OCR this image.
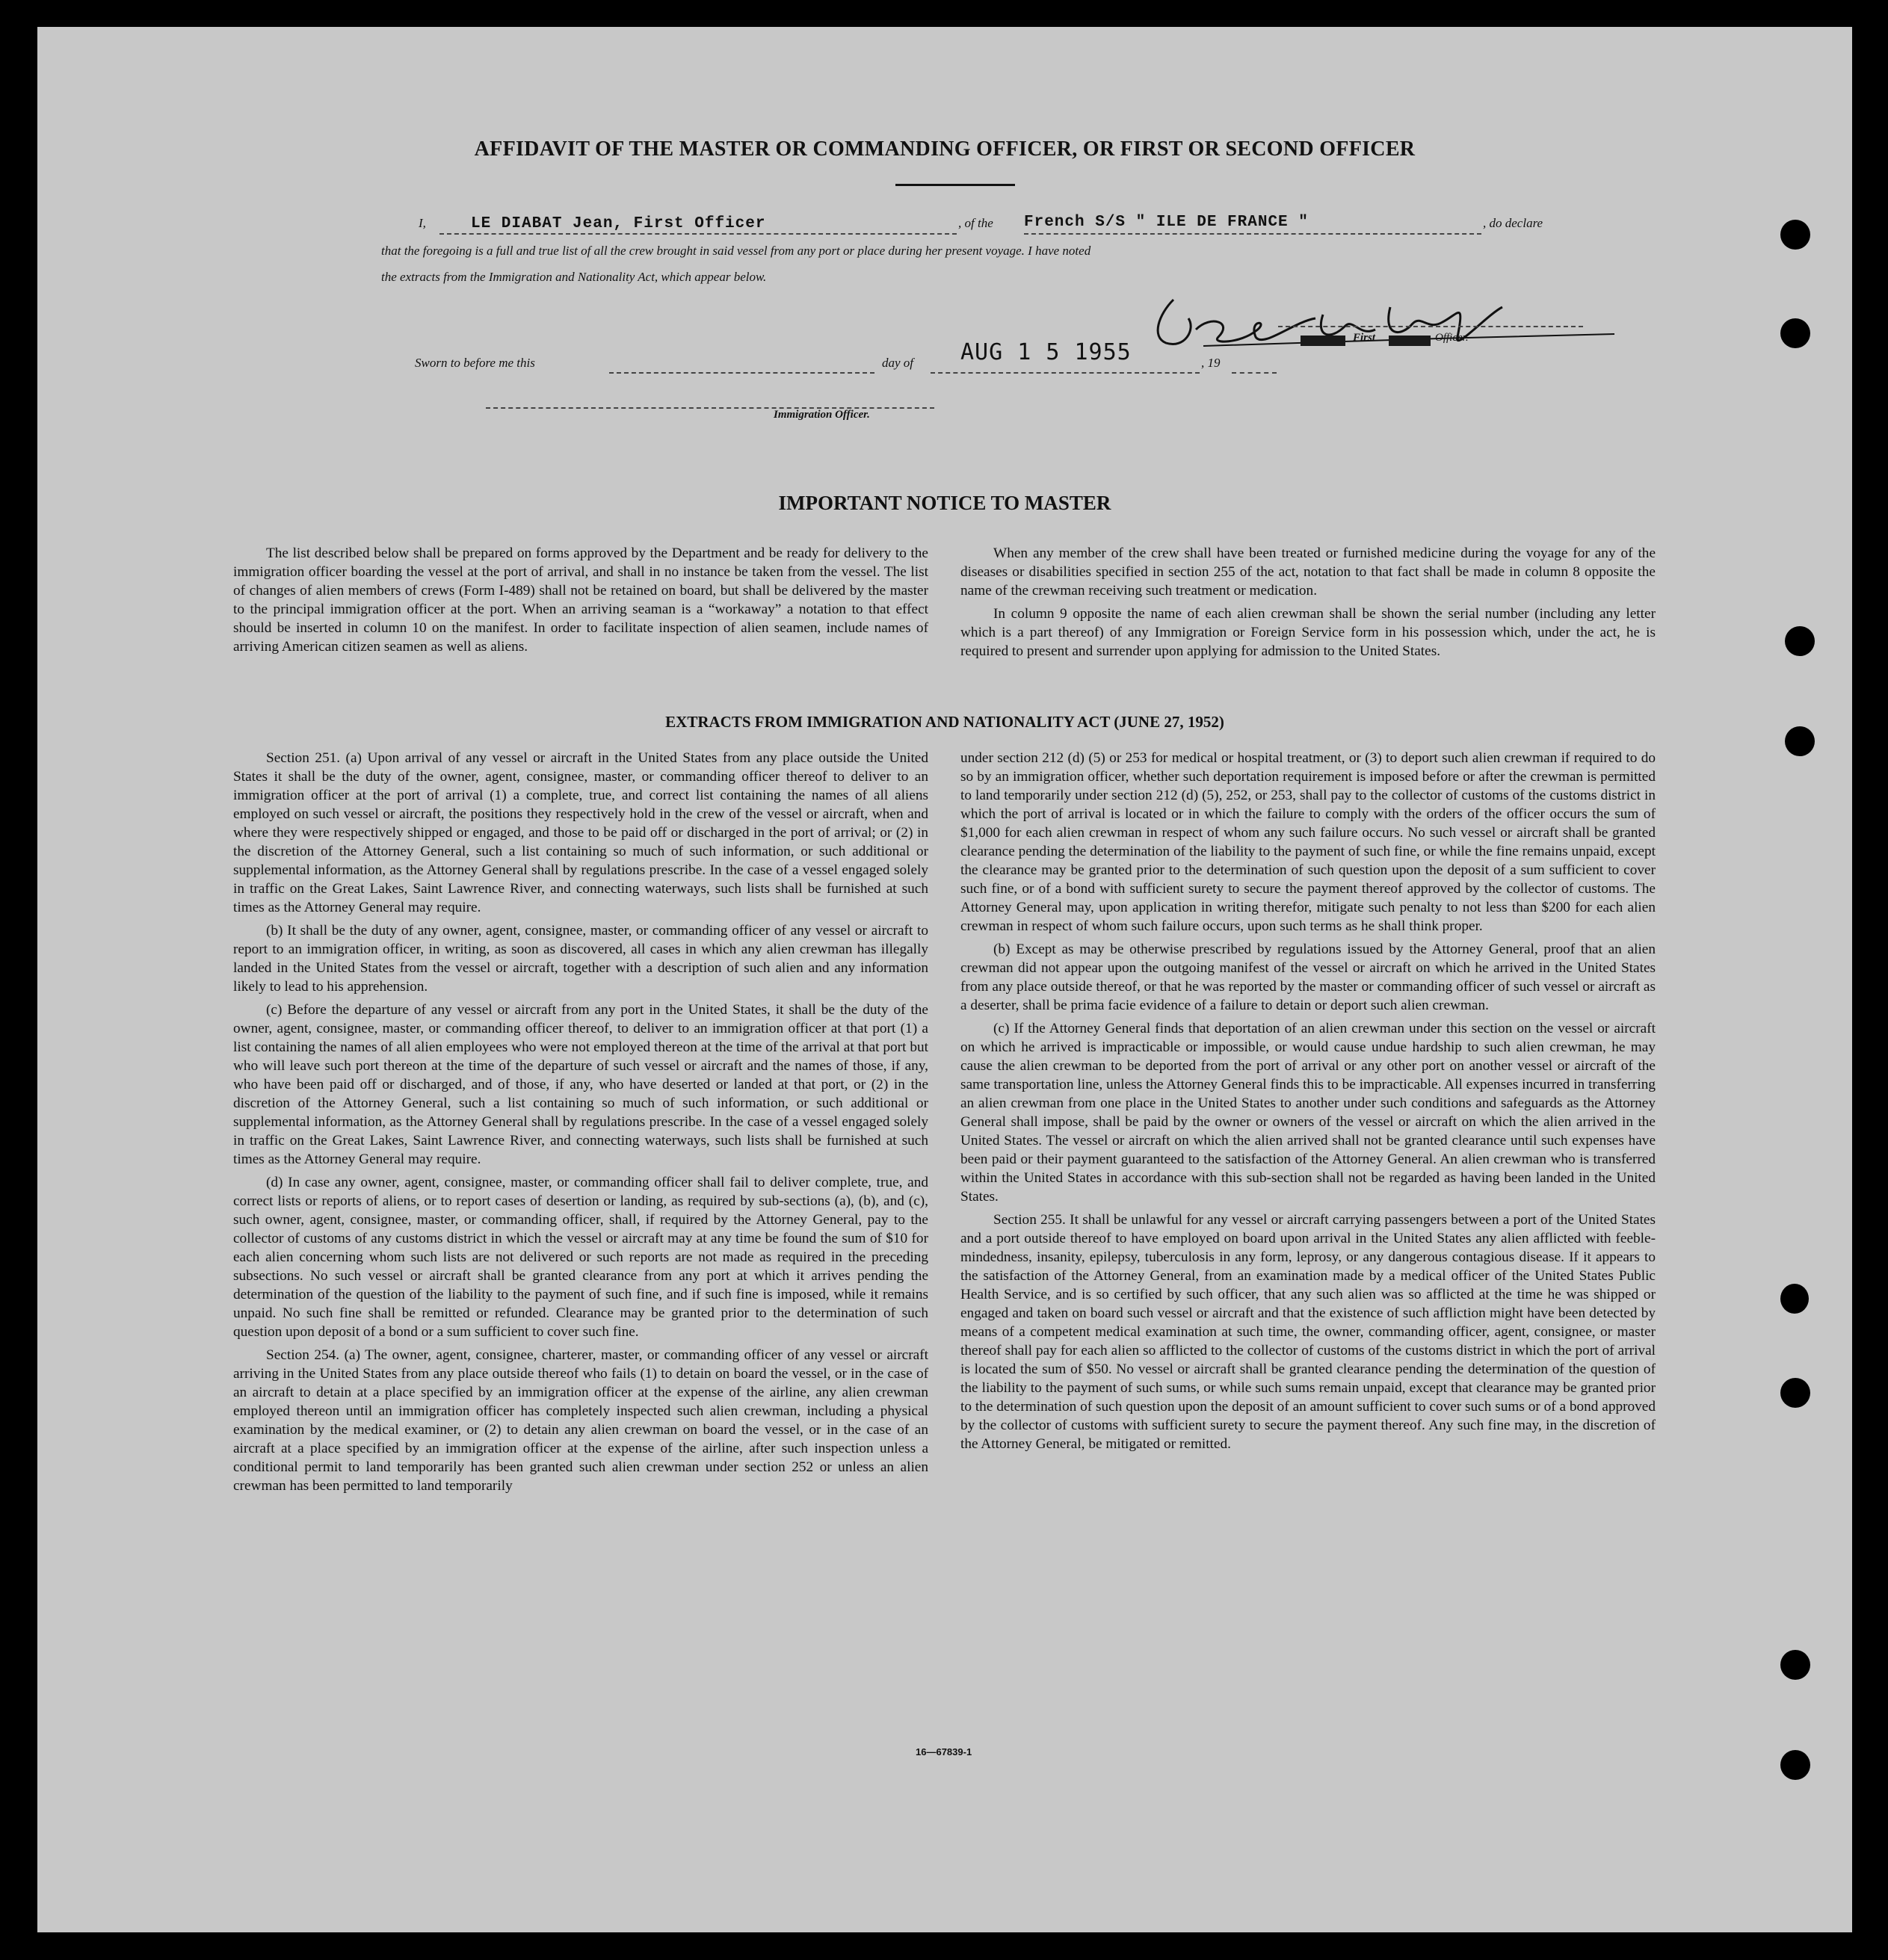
AFFIDAVIT OF THE MASTER OR COMMANDING OFFICER, OR FIRST OR SECOND OFFICER
I,	LE DIABAT Jean, First Officer	, of the French S/S " ILE DE FRANCE "	, do declare
that the foregoing is a full and true list of all the crew brought in said vessel from any port or place during her present voyage. I have noted
the extracts from the Immigration and Nationality Act, which appear below.
First	Officer.
Sworn to before me this	day of AUG 1 5 1955	, 19
Immigration Officer.
IMPORTANT NOTICE TO MASTER

The list described below shall be prepared on forms approved by the Department and be ready for delivery to the immigration officer boarding the vessel at the port of arrival, and shall in no instance be taken from the vessel. The list of changes of alien members of crews (Form I-489) shall not be retained on board, but shall be delivered by the master to the principal immigration officer at the port. When an arriving seaman is a “workaway” a notation to that effect should be inserted in column 10 on the manifest. In order to facilitate inspection of alien seamen, include names of arriving American citizen seamen as well as aliens.

When any member of the crew shall have been treated or furnished medicine during the voyage for any of the diseases or disabilities specified in section 255 of the act, notation to that fact shall be made in column 8 opposite the name of the crewman receiving such treatment or medication.

In column 9 opposite the name of each alien crewman shall be shown the serial number (including any letter which is a part thereof) of any Immigration or Foreign Service form in his possession which, under the act, he is required to present and surrender upon applying for admission to the United States.

EXTRACTS FROM IMMIGRATION AND NATIONALITY ACT (JUNE 27, 1952)

Section 251. (a) Upon arrival of any vessel or aircraft in the United States from any place outside the United States it shall be the duty of the owner, agent, consignee, master, or commanding officer thereof to deliver to an immigration officer at the port of arrival (1) a complete, true, and correct list containing the names of all aliens employed on such vessel or aircraft, the positions they respectively hold in the crew of the vessel or aircraft, when and where they were respectively shipped or engaged, and those to be paid off or discharged in the port of arrival; or (2) in the discretion of the Attorney General, such a list containing so much of such information, or such additional or supplemental information, as the Attorney General shall by regulations prescribe. In the case of a vessel engaged solely in traffic on the Great Lakes, Saint Lawrence River, and connecting waterways, such lists shall be furnished at such times as the Attorney General may require.

(b) It shall be the duty of any owner, agent, consignee, master, or commanding officer of any vessel or aircraft to report to an immigration officer, in writing, as soon as discovered, all cases in which any alien crewman has illegally landed in the United States from the vessel or aircraft, together with a description of such alien and any information likely to lead to his apprehension.

(c) Before the departure of any vessel or aircraft from any port in the United States, it shall be the duty of the owner, agent, consignee, master, or commanding officer thereof, to deliver to an immigration officer at that port (1) a list containing the names of all alien employees who were not employed thereon at the time of the arrival at that port but who will leave such port thereon at the time of the departure of such vessel or aircraft and the names of those, if any, who have been paid off or discharged, and of those, if any, who have deserted or landed at that port, or (2) in the discretion of the Attorney General, such a list containing so much of such information, or such additional or supplemental information, as the Attorney General shall by regulations prescribe. In the case of a vessel engaged solely in traffic on the Great Lakes, Saint Lawrence River, and connecting waterways, such lists shall be furnished at such times as the Attorney General may require.

(d) In case any owner, agent, consignee, master, or commanding officer shall fail to deliver complete, true, and correct lists or reports of aliens, or to report cases of desertion or landing, as required by sub-sections (a), (b), and (c), such owner, agent, consignee, master, or commanding officer, shall, if required by the Attorney General, pay to the collector of customs of any customs district in which the vessel or aircraft may at any time be found the sum of $10 for each alien concerning whom such lists are not delivered or such reports are not made as required in the preceding subsections. No such vessel or aircraft shall be granted clearance from any port at which it arrives pending the determination of the question of the liability to the payment of such fine, and if such fine is imposed, while it remains unpaid. No such fine shall be remitted or refunded. Clearance may be granted prior to the determination of such question upon deposit of a bond or a sum sufficient to cover such fine.

Section 254. (a) The owner, agent, consignee, charterer, master, or commanding officer of any vessel or aircraft arriving in the United States from any place outside thereof who fails (1) to detain on board the vessel, or in the case of an aircraft to detain at a place specified by an immigration officer at the expense of the airline, any alien crewman employed thereon until an immigration officer has completely inspected such alien crewman, including a physical examination by the medical examiner, or (2) to detain any alien crewman on board the vessel, or in the case of an aircraft at a place specified by an immigration officer at the expense of the airline, after such inspection unless a conditional permit to land temporarily has been granted such alien crewman under section 252 or unless an alien crewman has been permitted to land temporarily

under section 212 (d) (5) or 253 for medical or hospital treatment, or (3) to deport such alien crewman if required to do so by an immigration officer, whether such deportation requirement is imposed before or after the crewman is permitted to land temporarily under section 212 (d) (5), 252, or 253, shall pay to the collector of customs of the customs district in which the port of arrival is located or in which the failure to comply with the orders of the officer occurs the sum of $1,000 for each alien crewman in respect of whom any such failure occurs. No such vessel or aircraft shall be granted clearance pending the determination of the liability to the payment of such fine, or while the fine remains unpaid, except the clearance may be granted prior to the determination of such question upon the deposit of a sum sufficient to cover such fine, or of a bond with sufficient surety to secure the payment thereof approved by the collector of customs. The Attorney General may, upon application in writing therefor, mitigate such penalty to not less than $200 for each alien crewman in respect of whom such failure occurs, upon such terms as he shall think proper.

(b) Except as may be otherwise prescribed by regulations issued by the Attorney General, proof that an alien crewman did not appear upon the outgoing manifest of the vessel or aircraft on which he arrived in the United States from any place outside thereof, or that he was reported by the master or commanding officer of such vessel or aircraft as a deserter, shall be prima facie evidence of a failure to detain or deport such alien crewman.

(c) If the Attorney General finds that deportation of an alien crewman under this section on the vessel or aircraft on which he arrived is impracticable or impossible, or would cause undue hardship to such alien crewman, he may cause the alien crewman to be deported from the port of arrival or any other port on another vessel or aircraft of the same transportation line, unless the Attorney General finds this to be impracticable. All expenses incurred in transferring an alien crewman from one place in the United States to another under such conditions and safeguards as the Attorney General shall impose, shall be paid by the owner or owners of the vessel or aircraft on which the alien arrived in the United States. The vessel or aircraft on which the alien arrived shall not be granted clearance until such expenses have been paid or their payment guaranteed to the satisfaction of the Attorney General. An alien crewman who is transferred within the United States in accordance with this sub-section shall not be regarded as having been landed in the United States.

Section 255. It shall be unlawful for any vessel or aircraft carrying passengers between a port of the United States and a port outside thereof to have employed on board upon arrival in the United States any alien afflicted with feeble-mindedness, insanity, epilepsy, tuberculosis in any form, leprosy, or any dangerous contagious disease. If it appears to the satisfaction of the Attorney General, from an examination made by a medical officer of the United States Public Health Service, and is so certified by such officer, that any such alien was so afflicted at the time he was shipped or engaged and taken on board such vessel or aircraft and that the existence of such affliction might have been detected by means of a competent medical examination at such time, the owner, commanding officer, agent, consignee, or master thereof shall pay for each alien so afflicted to the collector of customs of the customs district in which the port of arrival is located the sum of $50. No vessel or aircraft shall be granted clearance pending the determination of the question of the liability to the payment of such sums, or while such sums remain unpaid, except that clearance may be granted prior to the determination of such question upon the deposit of an amount sufficient to cover such sums or of a bond approved by the collector of customs with sufficient surety to secure the payment thereof. Any such fine may, in the discretion of the Attorney General, be mitigated or remitted.

16—67839-1
